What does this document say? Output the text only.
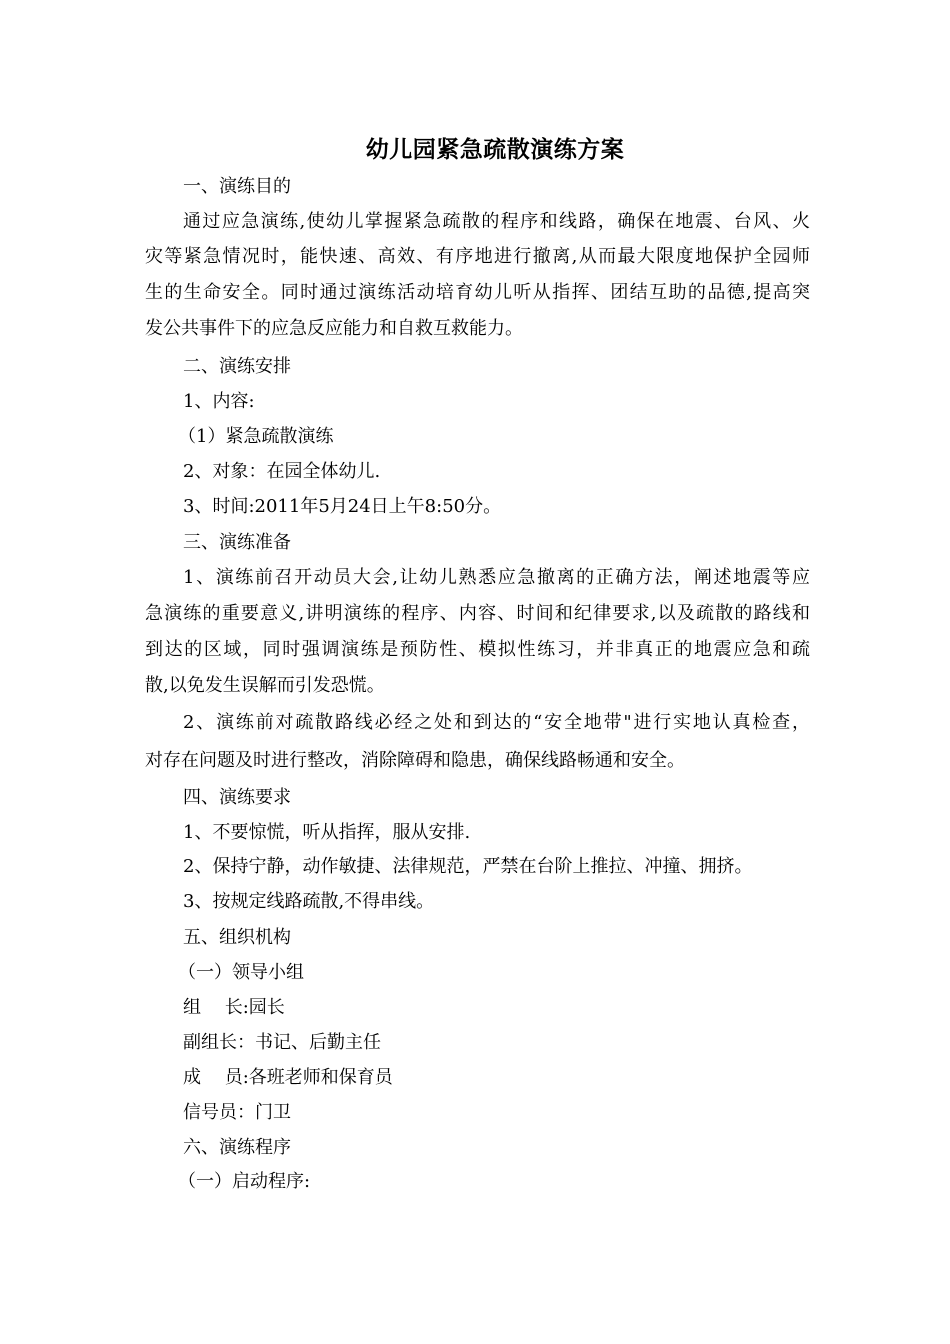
幼儿园紧急疏散演练方案
一、演练目的
通过应急演练,使幼儿掌握紧急疏散的程序和线路，确保在地震、台风、火
灾等紧急情况时，能快速、高效、有序地进行撤离,从而最大限度地保护全园师
生的生命安全。同时通过演练活动培育幼儿听从指挥、团结互助的品德,提高突
发公共事件下的应急反应能力和自救互救能力。
二、演练安排
1、内容:
（1）紧急疏散演练
2、对象：在园全体幼儿.
3、时间:2011年5月24日上午8:50分。
三、演练准备
1、演练前召开动员大会,让幼儿熟悉应急撤离的正确方法，阐述地震等应
急演练的重要意义,讲明演练的程序、内容、时间和纪律要求,以及疏散的路线和
到达的区域，同时强调演练是预防性、模拟性练习，并非真正的地震应急和疏
散,以免发生误解而引发恐慌。
2、演练前对疏散路线必经之处和到达的“安全地带"进行实地认真检查，
对存在问题及时进行整改，消除障碍和隐患，确保线路畅通和安全。
四、演练要求
1、不要惊慌，听从指挥，服从安排.
2、保持宁静，动作敏捷、法律规范，严禁在台阶上推拉、冲撞、拥挤。
3、按规定线路疏散,不得串线。
五、组织机构
（一）领导小组
组　 长:园长
副组长：书记、后勤主任
成　 员:各班老师和保育员
信号员：门卫
六、演练程序
（一）启动程序:
